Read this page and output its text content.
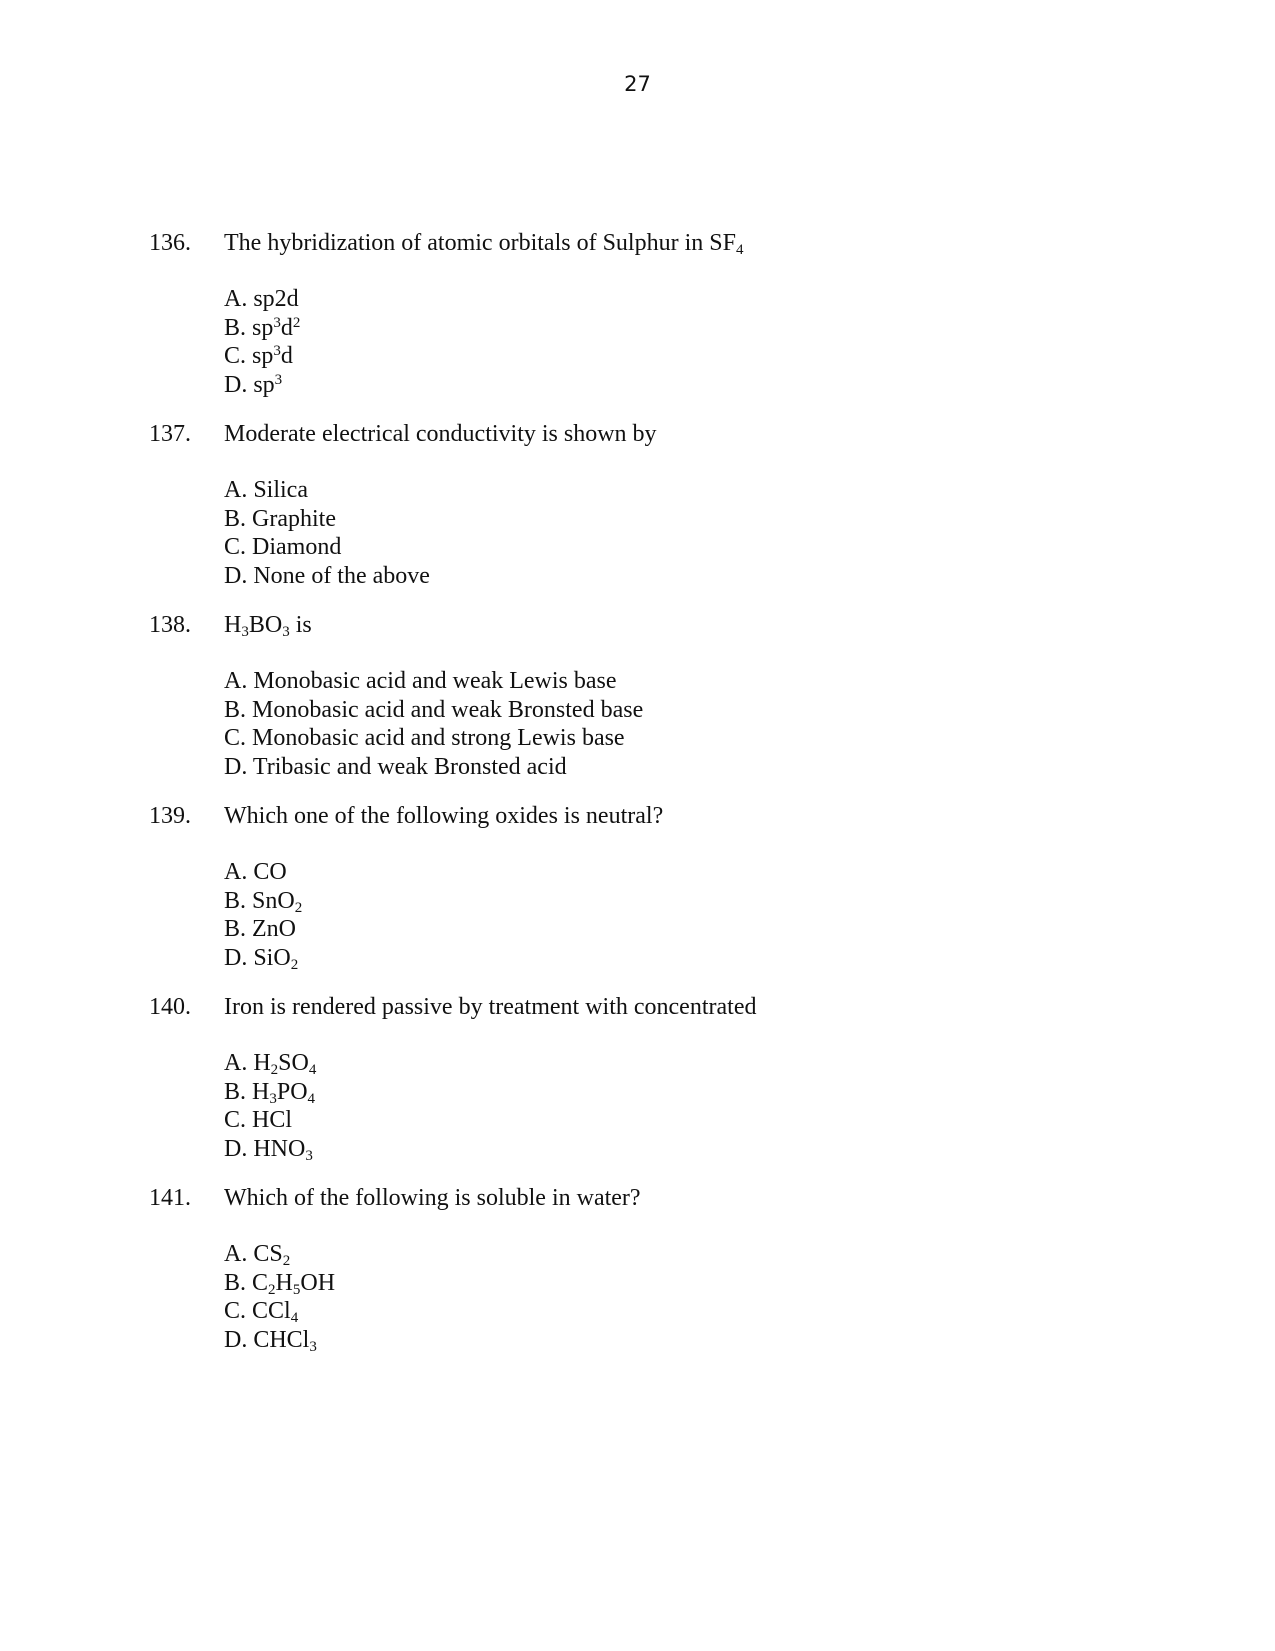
27
136. The hybridization of atomic orbitals of Sulphur in $SF_4$
A. sp2d
B. $sp^3d^2$
C. $sp^3d$
D. $sp^3$
137. Moderate electrical conductivity is shown by
A. Silica
B. Graphite
C. Diamond
D. None of the above
138. $H_3BO_3$ is
A. Monobasic acid and weak Lewis base
B. Monobasic acid and weak Bronsted base
C. Monobasic acid and strong Lewis base
D. Tribasic and weak Bronsted acid
139. Which one of the following oxides is neutral?
A. CO
B. SnO$_2$
B. ZnO
D. SiO$_2$
140. Iron is rendered passive by treatment with concentrated
A. $H_2SO_4$
B. $H_3PO_4$
C. HCl
D. $HNO_3$
141. Which of the following is soluble in water?
A. $CS_2$
B. $C_2H_5OH$
C. CCl$_4$
D. CHCl$_3$
